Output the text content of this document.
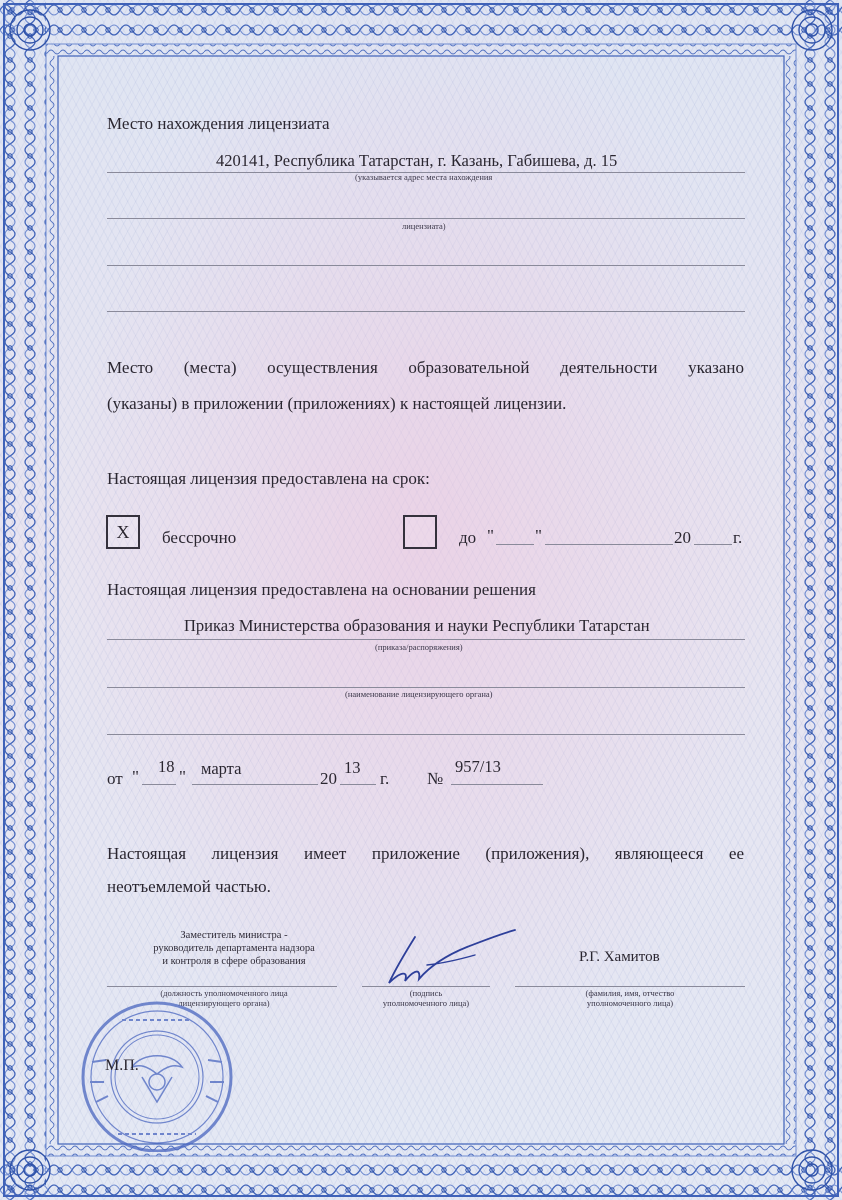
Место нахождения лицензиата
420141, Республика Татарстан, г. Казань, Габишева, д. 15
(указывается адрес места нахождения
лицензиата)
Место (места) осуществления образовательной деятельности указано
(указаны) в приложении (приложениях) к настоящей лицензии.
Настоящая лицензия предоставлена на срок:
X	бессрочно	до " "	20 г.
Настоящая лицензия предоставлена на основании решения
Приказ Министерства образования и науки Республики Татарстан
(приказа/распоряжения)
(наименование лицензирующего органа)
от "
18
" марта
20
13
г. №
957/13
Настоящая лицензия имеет приложение (приложения), являющееся ее
неотъемлемой частью.
Заместитель министра -
руководитель департамента надзора
и контроля в сфере образования
(должность уполномоченного лица
лицензирующего органа)
(подпись
уполномоченного лица)
Р.Г. Хамитов
(фамилия, имя, отчество
уполномоченного лица)
М.П.
